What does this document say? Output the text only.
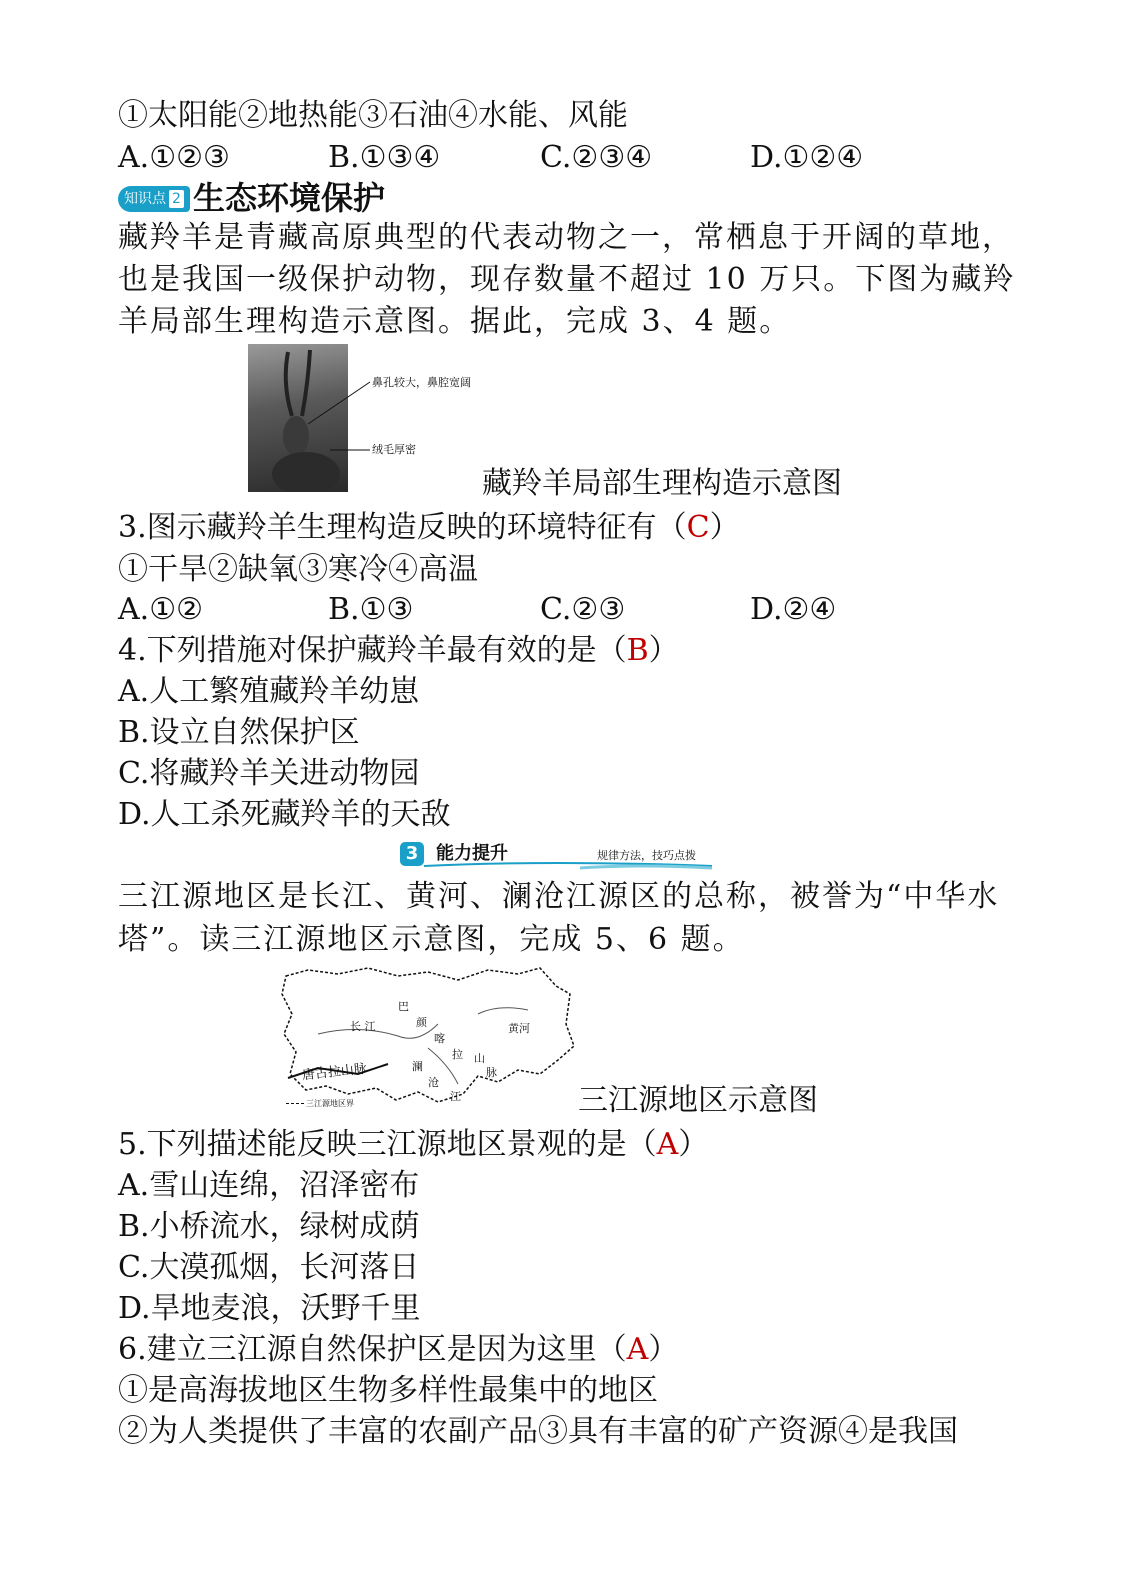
①太阳能②地热能③石油④水能、风能
A.①②③	B.①③④	C.②③④	D.①②④
知识点 2 生态环境保护
藏羚羊是青藏高原典型的代表动物之一，常栖息于开阔的草地，
也是我国一级保护动物，现存数量不超过 10 万只。下图为藏羚
羊局部生理构造示意图。据此，完成 3、4 题。
鼻孔较大，鼻腔宽阔
绒毛厚密
藏羚羊局部生理构造示意图
3.图示藏羚羊生理构造反映的环境特征有（C）
①干旱②缺氧③寒冷④高温
A.①②	B.①③	C.②③	D.②④
4.下列措施对保护藏羚羊最有效的是（B）
A.人工繁殖藏羚羊幼崽
B.设立自然保护区
C.将藏羚羊关进动物园
D.人工杀死藏羚羊的天敌
3 能力提升	规律方法，技巧点拨
三江源地区是长江、黄河、澜沧江源区的总称，被誉为“中华水
塔”。读三江源地区示意图，完成 5、6 题。
长 江	黄河
巴
颜
喀
拉 山
脉
澜
沧
江
唐古拉山脉
三江源地区界	三江源地区示意图
5.下列描述能反映三江源地区景观的是（A）
A.雪山连绵，沼泽密布
B.小桥流水，绿树成荫
C.大漠孤烟，长河落日
D.旱地麦浪，沃野千里
6.建立三江源自然保护区是因为这里（A）
①是高海拔地区生物多样性最集中的地区
②为人类提供了丰富的农副产品③具有丰富的矿产资源④是我国
